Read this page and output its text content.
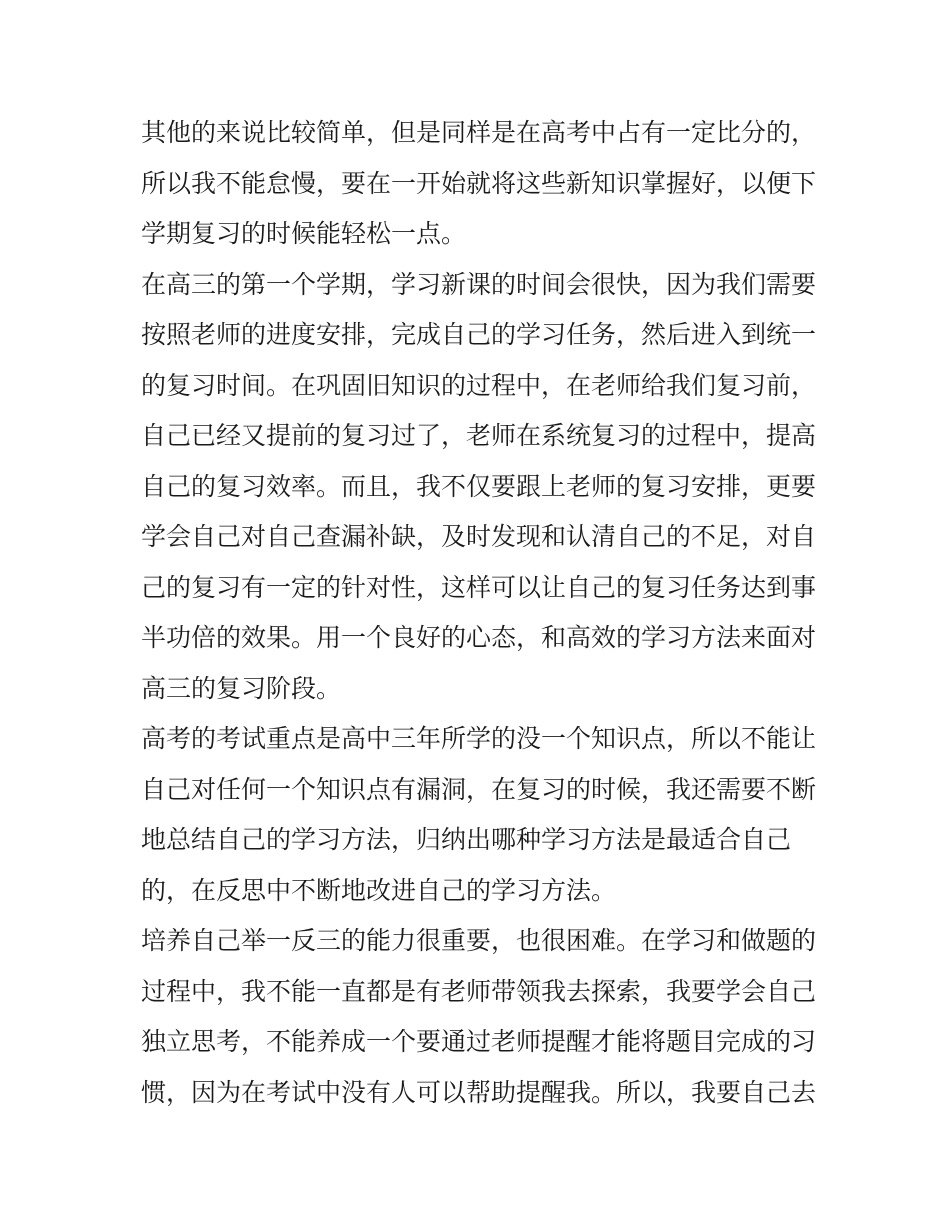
其他的来说比较简单，但是同样是在高考中占有一定比分的，
所以我不能怠慢，要在一开始就将这些新知识掌握好，以便下
学期复习的时候能轻松一点。
在高三的第一个学期，学习新课的时间会很快，因为我们需要
按照老师的进度安排，完成自己的学习任务，然后进入到统一
的复习时间。在巩固旧知识的过程中，在老师给我们复习前，
自己已经又提前的复习过了，老师在系统复习的过程中，提高
自己的复习效率。而且，我不仅要跟上老师的复习安排，更要
学会自己对自己查漏补缺，及时发现和认清自己的不足，对自
己的复习有一定的针对性，这样可以让自己的复习任务达到事
半功倍的效果。用一个良好的心态，和高效的学习方法来面对
高三的复习阶段。
高考的考试重点是高中三年所学的没一个知识点，所以不能让
自己对任何一个知识点有漏洞，在复习的时候，我还需要不断
地总结自己的学习方法，归纳出哪种学习方法是最适合自己
的，在反思中不断地改进自己的学习方法。
培养自己举一反三的能力很重要，也很困难。在学习和做题的
过程中，我不能一直都是有老师带领我去探索，我要学会自己
独立思考，不能养成一个要通过老师提醒才能将题目完成的习
惯，因为在考试中没有人可以帮助提醒我。所以，我要自己去
